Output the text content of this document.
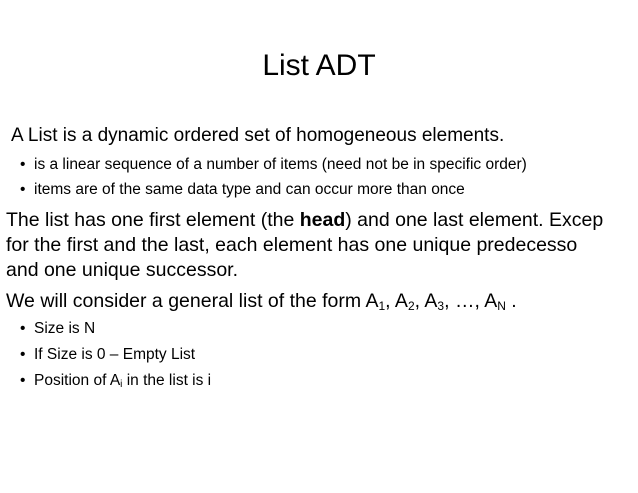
List ADT
A List is a dynamic ordered set of homogeneous elements.
• is a linear sequence of a number of items (need not be in specific order)
• items are of the same data type and can occur more than once
The list has one first element (the head) and one last element. Excep
for the first and the last, each element has one unique predecesso
and one unique successor.
We will consider a general list of the form $A_1$, $A_2$, $A_3$, …, $A_N$ .
• Size is N
• If Size is 0 – Empty List
• Position of $A_i$ in the list is i
